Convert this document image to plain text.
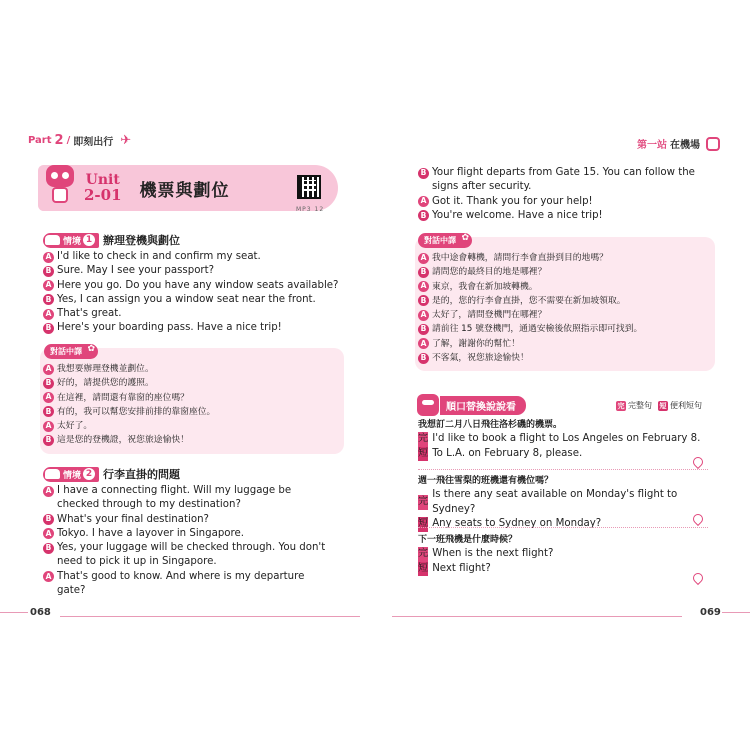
Part 2 / 即刻出行 ✈	第一站 在機場
Unit
2-01 機票與劃位
MP3 12
情境 1 辦理登機與劃位
A I'd like to check in and confirm my seat.
B Sure. May I see your passport?
A Here you go. Do you have any window seats available?
B Yes, I can assign you a window seat near the front.
A That's great.
B Here's your boarding pass. Have a nice trip!
對話中譯 ✿
A 我想要辦理登機並劃位。
B 好的，請提供您的護照。
A 在這裡，請問還有靠窗的座位嗎？
B 有的，我可以幫您安排前排的靠窗座位。
A 太好了。
B 這是您的登機證，祝您旅途愉快！
情境 2 行李直掛的問題
A I have a connecting flight. Will my luggage be checked through to my destination?
B What's your final destination?
A Tokyo. I have a layover in Singapore.
B Yes, your luggage will be checked through. You don't need to pick it up in Singapore.
A That's good to know. And where is my departure gate?
B Your flight departs from Gate 15. You can follow the signs after security.
A Got it. Thank you for your help!
B You're welcome. Have a nice trip!
對話中譯 ✿
A 我中途會轉機，請問行李會直掛到目的地嗎？
B 請問您的最終目的地是哪裡？
A 東京，我會在新加坡轉機。
B 是的，您的行李會直掛，您不需要在新加坡領取。
A 太好了，請問登機門在哪裡？
B 請前往 15 號登機門，通過安檢後依照指示即可找到。
A 了解，謝謝你的幫忙！
B 不客氣，祝您旅途愉快！
順口替換說說看	完 完整句 短 便利短句
我想訂二月八日飛往洛杉磯的機票。
完 I'd like to book a flight to Los Angeles on February 8.
短 To L.A. on February 8, please.
週一飛往雪梨的班機還有機位嗎？
完
Is there any seat available on Monday's flight to Sydney?
短 Any seats to Sydney on Monday?
下一班飛機是什麼時候？
完 When is the next flight?
短 Next flight?
068	069
